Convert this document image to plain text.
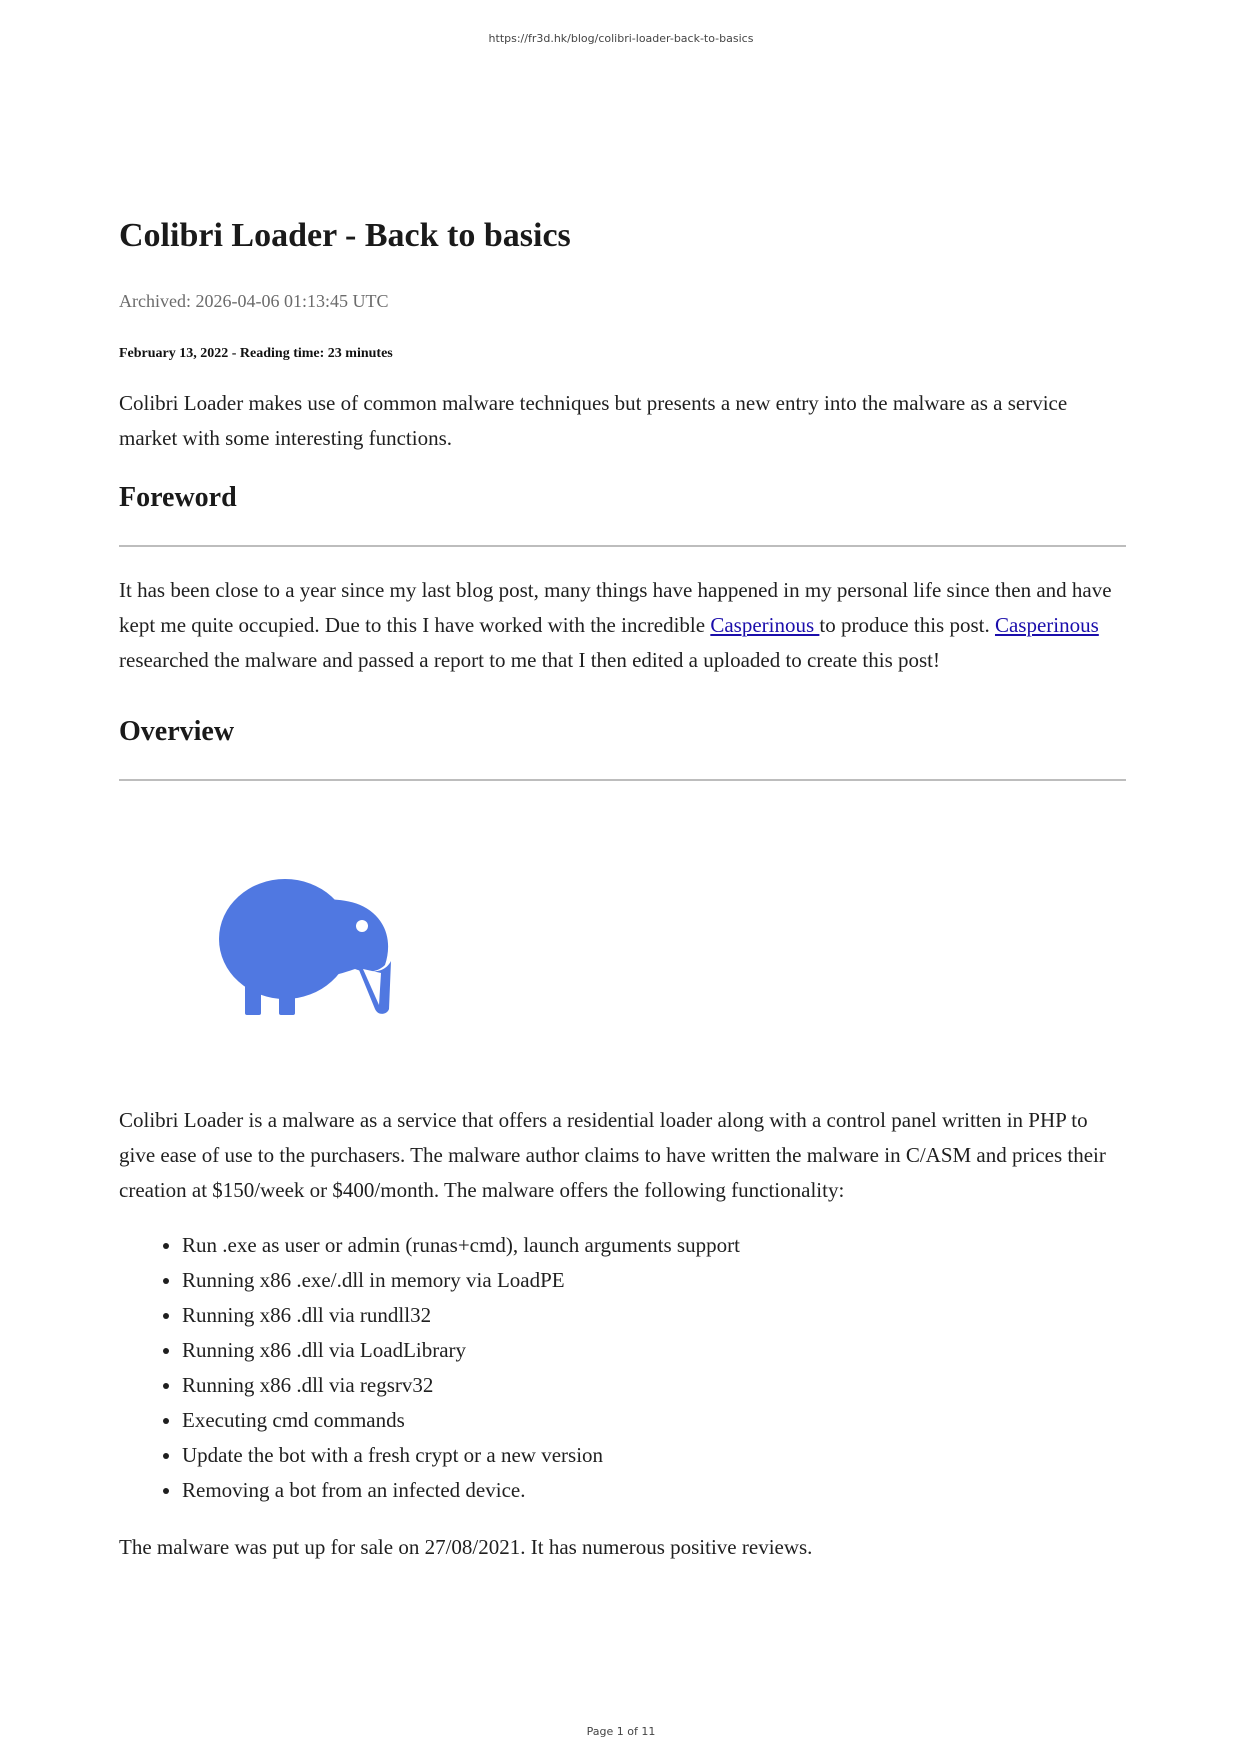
https://fr3d.hk/blog/colibri-loader-back-to-basics
Colibri Loader - Back to basics
Archived: 2026-04-06 01:13:45 UTC
February 13, 2022 - Reading time: 23 minutes

Colibri Loader makes use of common malware techniques but presents a new entry into the malware as a service market with some interesting functions.

Foreword

It has been close to a year since my last blog post, many things have happened in my personal life since then and have kept me quite occupied. Due to this I have worked with the incredible Casperinous to produce this post. Casperinous researched the malware and passed a report to me that I then edited a uploaded to create this post!

Overview

Colibri Loader is a malware as a service that offers a residential loader along with a control panel written in PHP to give ease of use to the purchasers. The malware author claims to have written the malware in C/ASM and prices their creation at $150/week or $400/month. The malware offers the following functionality:

• Run .exe as user or admin (runas+cmd), launch arguments support
• Running x86 .exe/.dll in memory via LoadPE
• Running x86 .dll via rundll32
• Running x86 .dll via LoadLibrary
• Running x86 .dll via regsrv32
• Executing cmd commands
• Update the bot with a fresh crypt or a new version
• Removing a bot from an infected device.

The malware was put up for sale on 27/08/2021. It has numerous positive reviews.

Page 1 of 11
